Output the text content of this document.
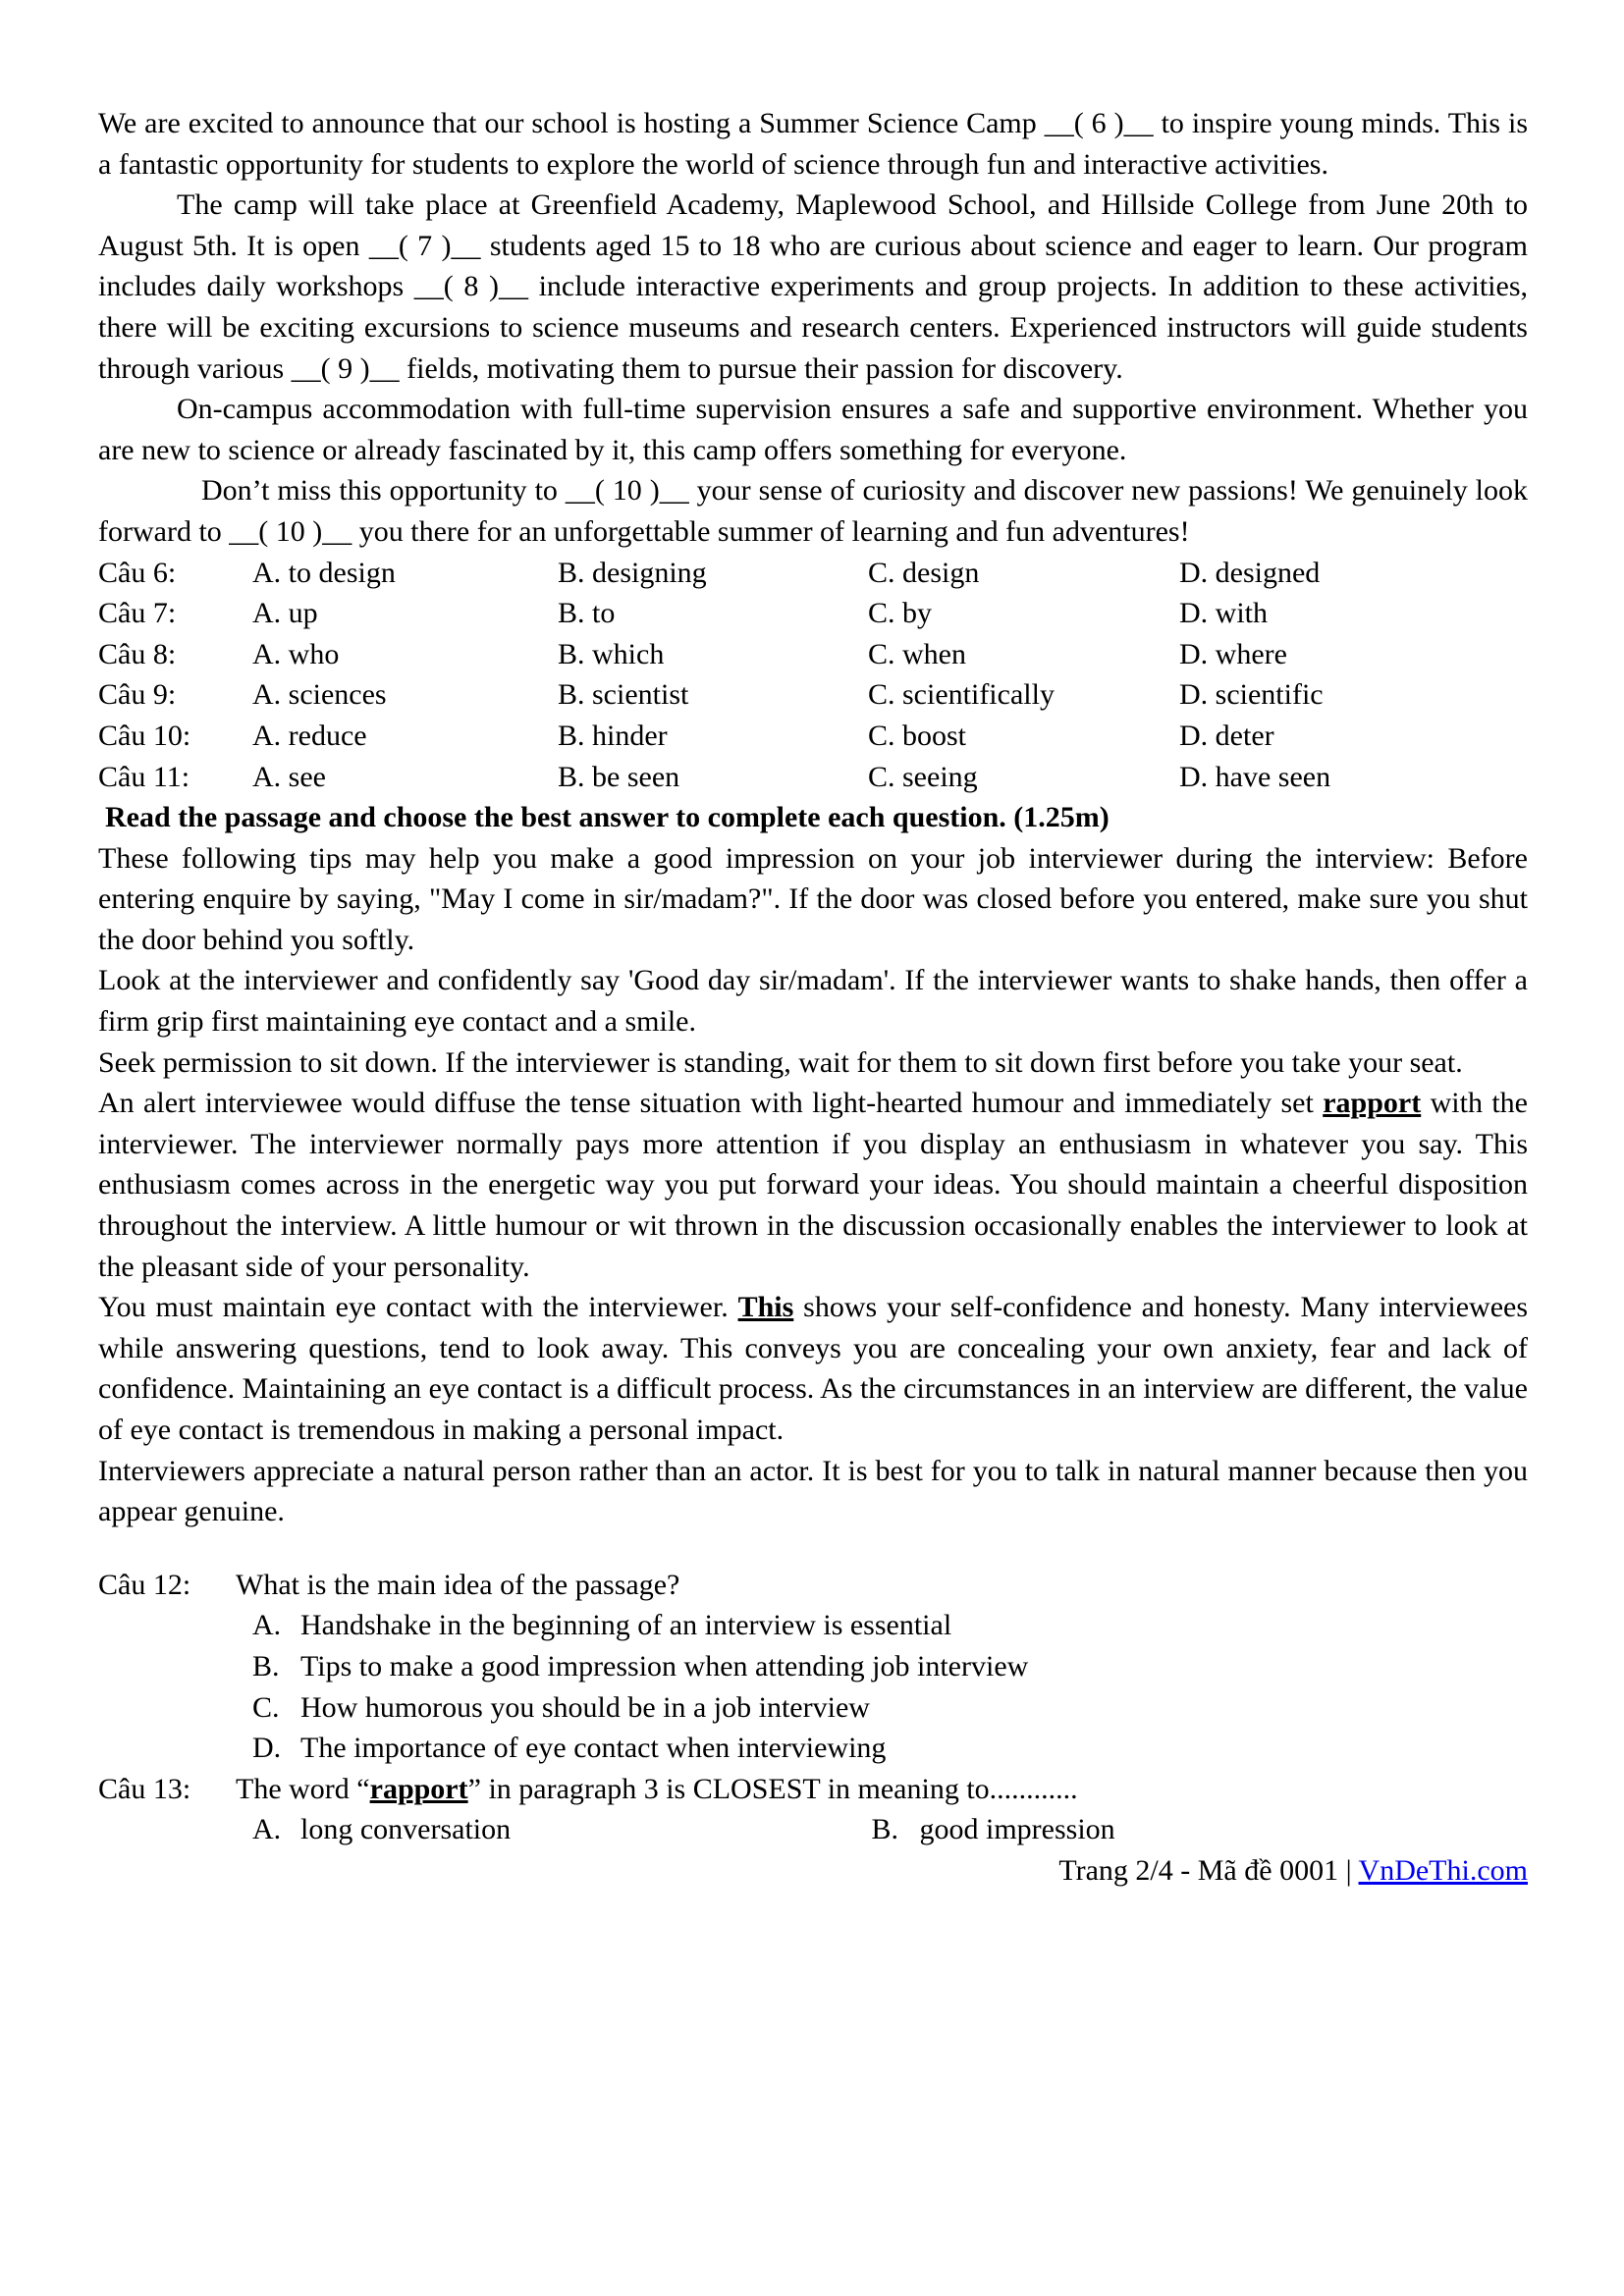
We are excited to announce that our school is hosting a Summer Science Camp __( 6 )__ to inspire young minds. This is a fantastic opportunity for students to explore the world of science through fun and interactive activities.

The camp will take place at Greenfield Academy, Maplewood School, and Hillside College from June 20th to August 5th. It is open __( 7 )__ students aged 15 to 18 who are curious about science and eager to learn. Our program includes daily workshops __( 8 )__ include interactive experiments and group projects. In addition to these activities, there will be exciting excursions to science museums and research centers. Experienced instructors will guide students through various __( 9 )__ fields, motivating them to pursue their passion for discovery.

On-campus accommodation with full-time supervision ensures a safe and supportive environment. Whether you are new to science or already fascinated by it, this camp offers something for everyone.

Don’t miss this opportunity to __( 10 )__ your sense of curiosity and discover new passions! We genuinely look forward to __( 10 )__ you there for an unforgettable summer of learning and fun adventures!

Câu 6:	A. to design	B. designing	C. design	D. designed
Câu 7:	A. up	B. to	C. by	D. with
Câu 8:	A. who	B. which	C. when	D. where
Câu 9:	A. sciences	B. scientist	C. scientifically	D. scientific
Câu 10:	A. reduce	B. hinder	C. boost	D. deter
Câu 11:	A. see	B. be seen	C. seeing	D. have seen

Read the passage and choose the best answer to complete each question. (1.25m)

These following tips may help you make a good impression on your job interviewer during the interview: Before entering enquire by saying, "May I come in sir/madam?". If the door was closed before you entered, make sure you shut the door behind you softly.

Look at the interviewer and confidently say 'Good day sir/madam'. If the interviewer wants to shake hands, then offer a firm grip first maintaining eye contact and a smile.

Seek permission to sit down. If the interviewer is standing, wait for them to sit down first before you take your seat.

An alert interviewee would diffuse the tense situation with light-hearted humour and immediately set rapport with the interviewer. The interviewer normally pays more attention if you display an enthusiasm in whatever you say. This enthusiasm comes across in the energetic way you put forward your ideas. You should maintain a cheerful disposition throughout the interview. A little humour or wit thrown in the discussion occasionally enables the interviewer to look at the pleasant side of your personality.

You must maintain eye contact with the interviewer. This shows your self-confidence and honesty. Many interviewees while answering questions, tend to look away. This conveys you are concealing your own anxiety, fear and lack of confidence. Maintaining an eye contact is a difficult process. As the circumstances in an interview are different, the value of eye contact is tremendous in making a personal impact.

Interviewers appreciate a natural person rather than an actor. It is best for you to talk in natural manner because then you appear genuine.

Câu 12:	What is the main idea of the passage?
A. Handshake in the beginning of an interview is essential
B. Tips to make a good impression when attending job interview
C. How humorous you should be in a job interview
D. The importance of eye contact when interviewing
Câu 13:	The word “rapport” in paragraph 3 is CLOSEST in meaning to............
A. long conversation	B. good impression
Trang 2/4 - Mã đề 0001 | VnDeThi.com
